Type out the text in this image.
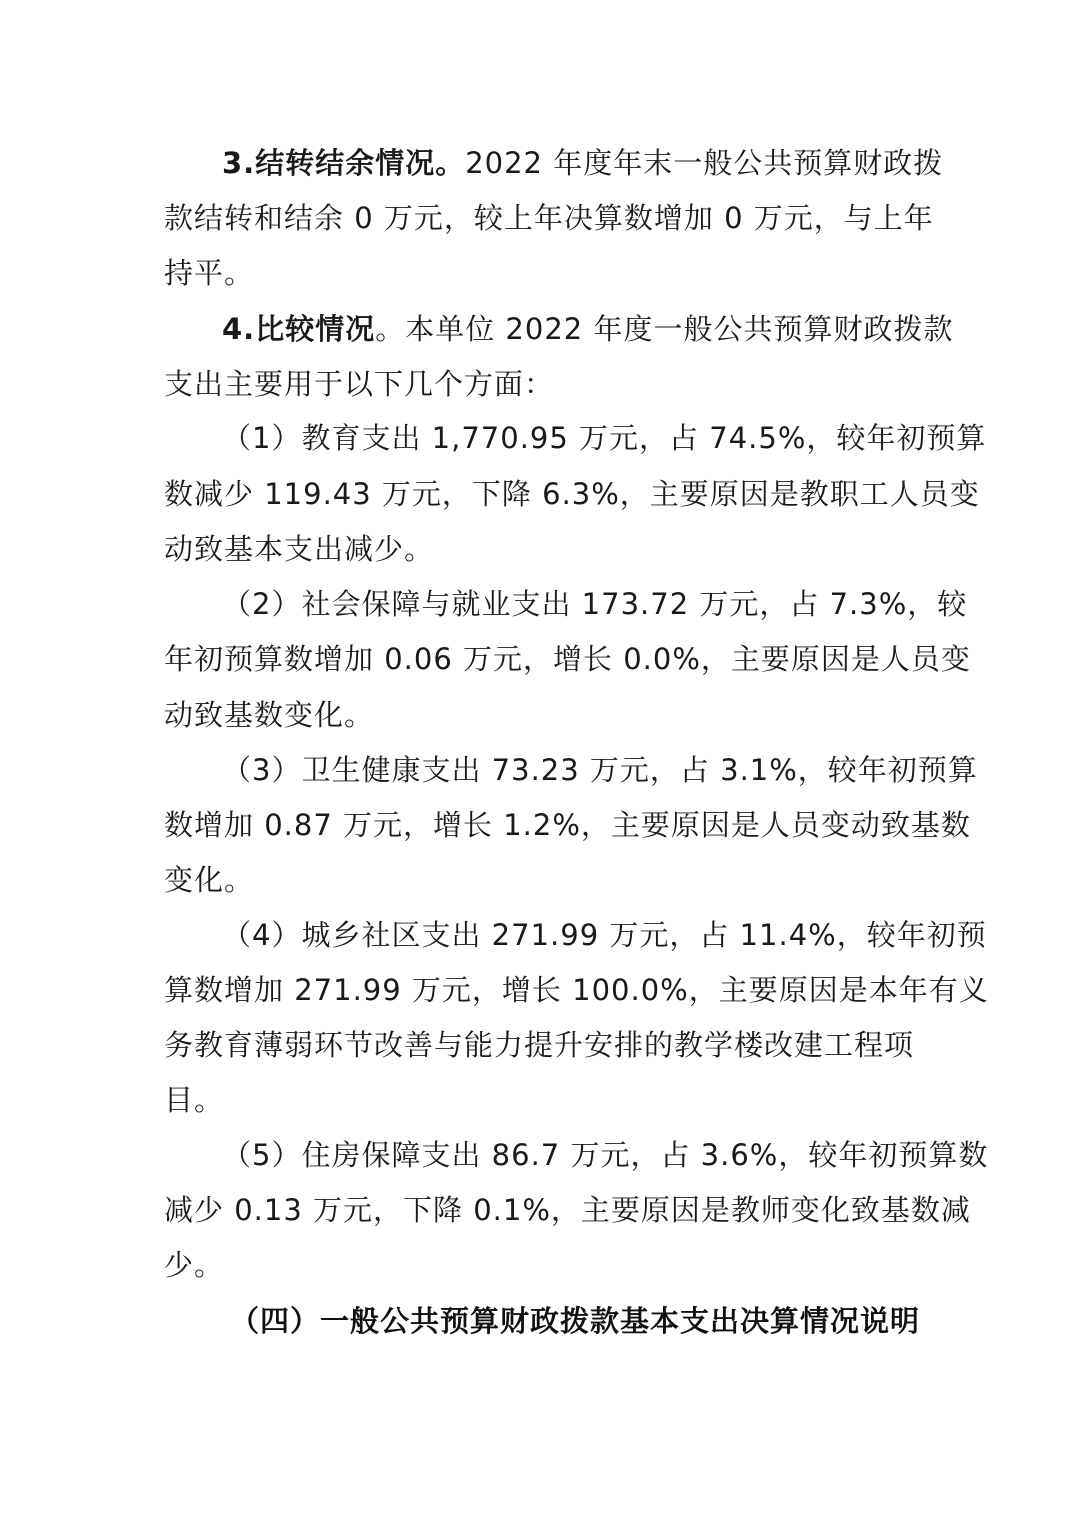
3.结转结余情况。2022 年度年末一般公共预算财政拨
款结转和结余 0 万元，较上年决算数增加 0 万元，与上年
持平。
4.比较情况。本单位 2022 年度一般公共预算财政拨款
支出主要用于以下几个方面：
（1）教育支出 1,770.95 万元，占 74.5%，较年初预算
数减少 119.43 万元，下降 6.3%，主要原因是教职工人员变
动致基本支出减少。
（2）社会保障与就业支出 173.72 万元，占 7.3%，较
年初预算数增加 0.06 万元，增长 0.0%，主要原因是人员变
动致基数变化。
（3）卫生健康支出 73.23 万元，占 3.1%，较年初预算
数增加 0.87 万元，增长 1.2%，主要原因是人员变动致基数
变化。
（4）城乡社区支出 271.99 万元，占 11.4%，较年初预
算数增加 271.99 万元，增长 100.0%，主要原因是本年有义
务教育薄弱环节改善与能力提升安排的教学楼改建工程项
目。
（5）住房保障支出 86.7 万元，占 3.6%，较年初预算数
减少 0.13 万元，下降 0.1%，主要原因是教师变化致基数减
少。
（四）一般公共预算财政拨款基本支出决算情况说明
